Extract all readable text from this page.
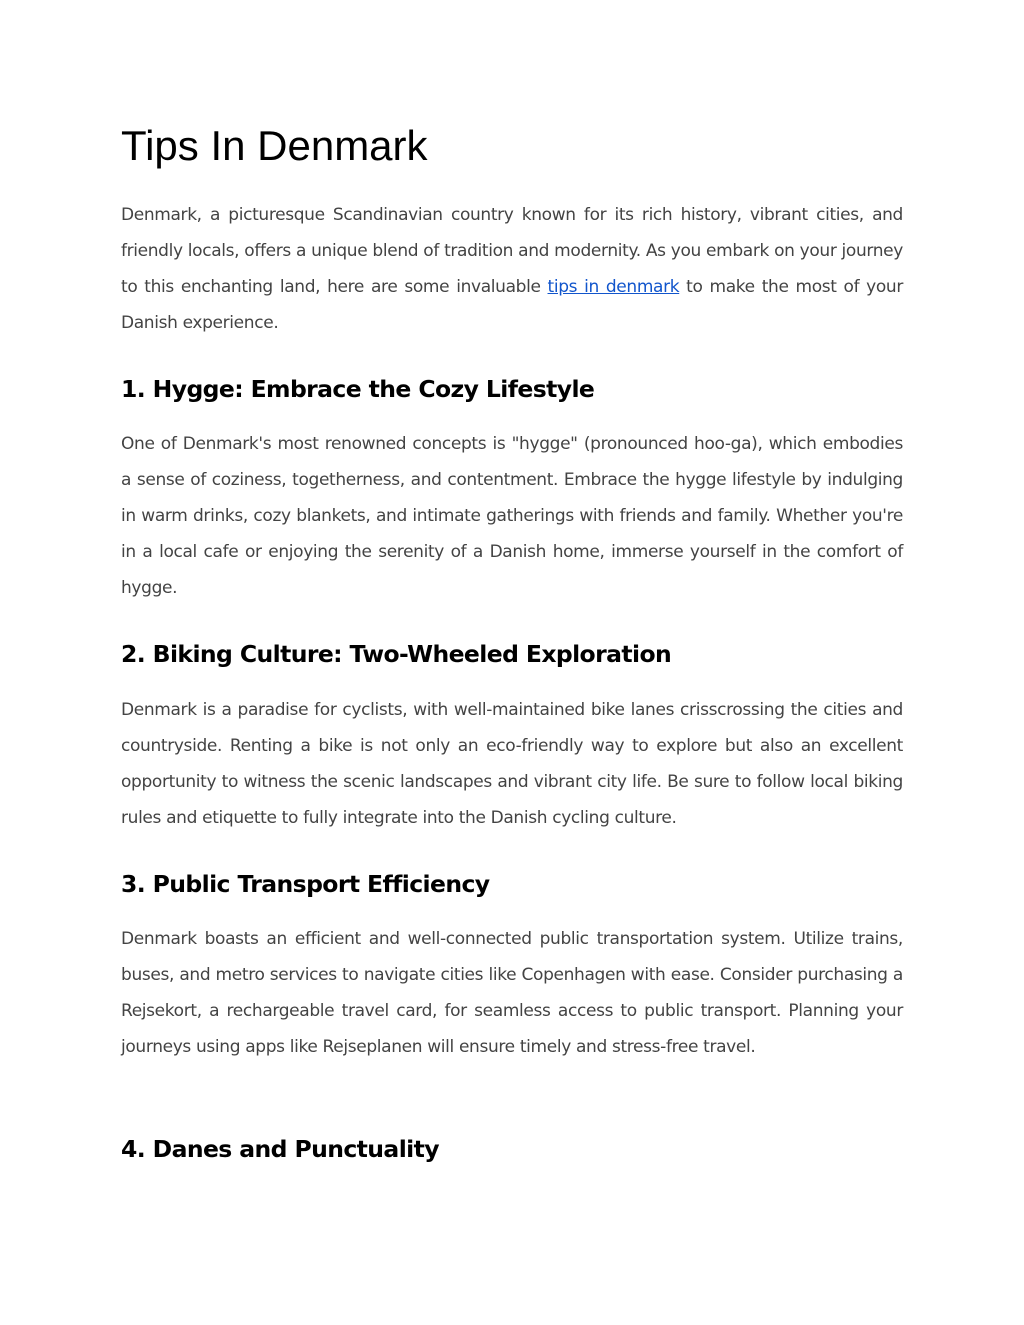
Tips In Denmark

Denmark, a picturesque Scandinavian country known for its rich history, vibrant cities, and friendly locals, offers a unique blend of tradition and modernity. As you embark on your journey to this enchanting land, here are some invaluable tips in denmark to make the most of your Danish experience.

1. Hygge: Embrace the Cozy Lifestyle

One of Denmark's most renowned concepts is "hygge" (pronounced hoo-ga), which embodies a sense of coziness, togetherness, and contentment. Embrace the hygge lifestyle by indulging in warm drinks, cozy blankets, and intimate gatherings with friends and family. Whether you're in a local cafe or enjoying the serenity of a Danish home, immerse yourself in the comfort of hygge.

2. Biking Culture: Two-Wheeled Exploration

Denmark is a paradise for cyclists, with well-maintained bike lanes crisscrossing the cities and countryside. Renting a bike is not only an eco-friendly way to explore but also an excellent opportunity to witness the scenic landscapes and vibrant city life. Be sure to follow local biking rules and etiquette to fully integrate into the Danish cycling culture.

3. Public Transport Efficiency

Denmark boasts an efficient and well-connected public transportation system. Utilize trains, buses, and metro services to navigate cities like Copenhagen with ease. Consider purchasing a Rejsekort, a rechargeable travel card, for seamless access to public transport. Planning your journeys using apps like Rejseplanen will ensure timely and stress-free travel.

4. Danes and Punctuality
